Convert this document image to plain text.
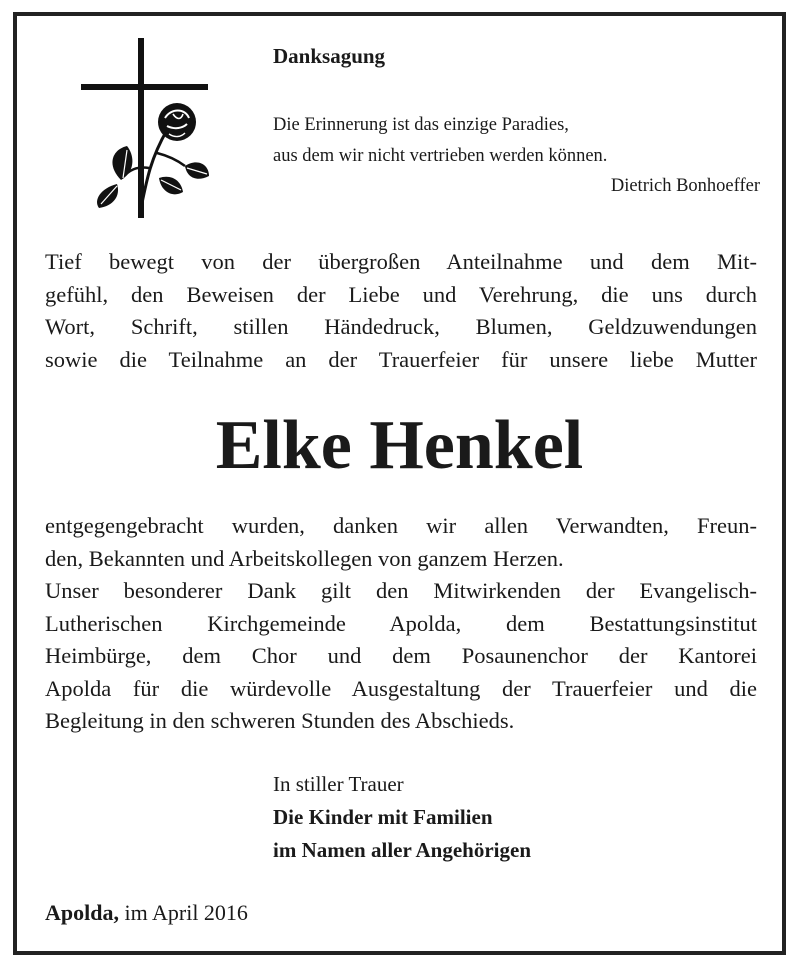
Danksagung
Die Erinnerung ist das einzige Paradies,
aus dem wir nicht vertrieben werden können.
Dietrich Bonhoeffer
Tief bewegt von der übergroßen Anteilnahme und dem Mit-
gefühl, den Beweisen der Liebe und Verehrung, die uns durch
Wort, Schrift, stillen Händedruck, Blumen, Geldzuwendungen
sowie die Teilnahme an der Trauerfeier für unsere liebe Mutter
Elke Henkel
entgegengebracht wurden, danken wir allen Verwandten, Freun-
den, Bekannten und Arbeitskollegen von ganzem Herzen.
Unser besonderer Dank gilt den Mitwirkenden der Evangelisch-
Lutherischen Kirchgemeinde Apolda, dem Bestattungsinstitut
Heimbürge, dem Chor und dem Posaunenchor der Kantorei
Apolda für die würdevolle Ausgestaltung der Trauerfeier und die
Begleitung in den schweren Stunden des Abschieds.
In stiller Trauer
Die Kinder mit Familien
im Namen aller Angehörigen
Apolda, im April 2016
